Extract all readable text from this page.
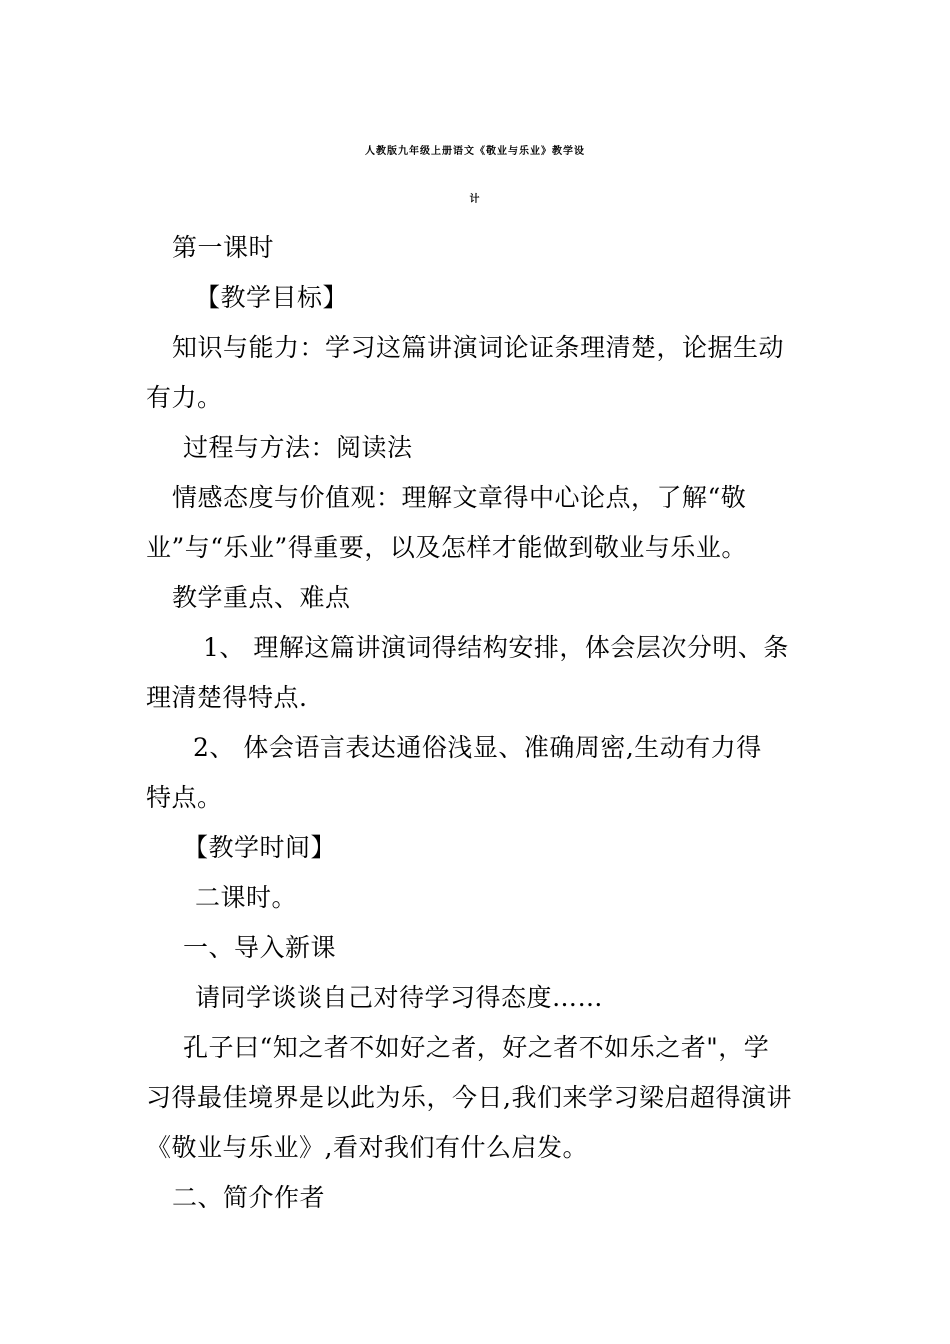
人教版九年级上册语文《敬业与乐业》教学设
计
第一课时
【教学目标】
知识与能力：学习这篇讲演词论证条理清楚，论据生动
有力。
过程与方法：阅读法
情感态度与价值观：理解文章得中心论点，了解“敬
业”与“乐业”得重要，以及怎样才能做到敬业与乐业。
教学重点、难点
1、 理解这篇讲演词得结构安排，体会层次分明、条
理清楚得特点.
2、 体会语言表达通俗浅显、准确周密,生动有力得
特点。
【教学时间】
二课时。
一、导入新课
请同学谈谈自己对待学习得态度……
孔子曰“知之者不如好之者，好之者不如乐之者"，学
习得最佳境界是以此为乐，今日,我们来学习梁启超得演讲
《敬业与乐业》,看对我们有什么启发。
二、简介作者
